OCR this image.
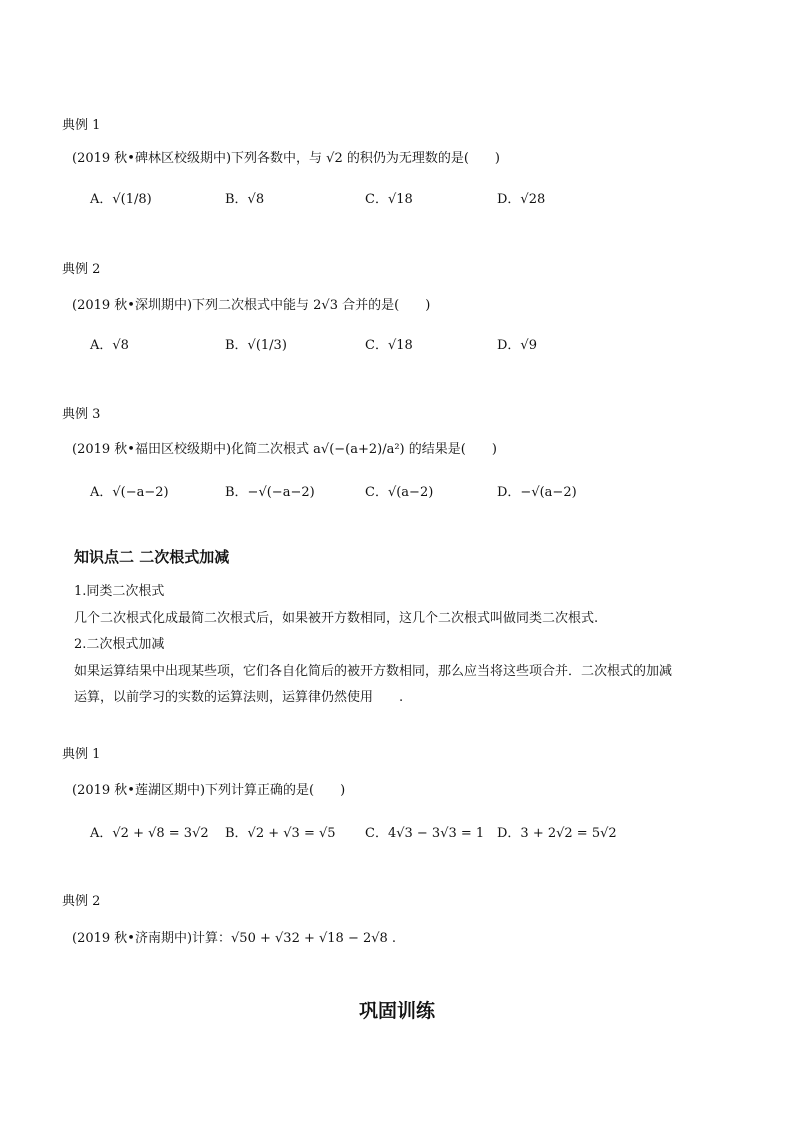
典例 1
(2019 秋•碑林区校级期中)下列各数中，与 √2 的积仍为无理数的是(　　)
A．√(1/8)	B．√8	C．√18	D．√28
典例 2
(2019 秋•深圳期中)下列二次根式中能与 2√3 合并的是(　　)
A．√8	B．√(1/3)	C．√18	D．√9
典例 3
(2019 秋•福田区校级期中)化简二次根式 a√(−(a+2)/a²) 的结果是(　　)
A．√(−a−2)	B．−√(−a−2)	C．√(a−2)	D．−√(a−2)
知识点二 二次根式加减
1.同类二次根式
几个二次根式化成最简二次根式后，如果被开方数相同，这几个二次根式叫做同类二次根式.
2.二次根式加减
如果运算结果中出现某些项，它们各自化简后的被开方数相同，那么应当将这些项合并．二次根式的加减
运算，以前学习的实数的运算法则，运算律仍然使用　　.
典例 1
(2019 秋•莲湖区期中)下列计算正确的是(　　)
A．√2 + √8 = 3√2 B．√2 + √3 = √5 C．4√3 − 3√3 = 1 D．3 + 2√2 = 5√2
典例 2
(2019 秋•济南期中)计算：√50 + √32 + √18 − 2√8 .
巩固训练
